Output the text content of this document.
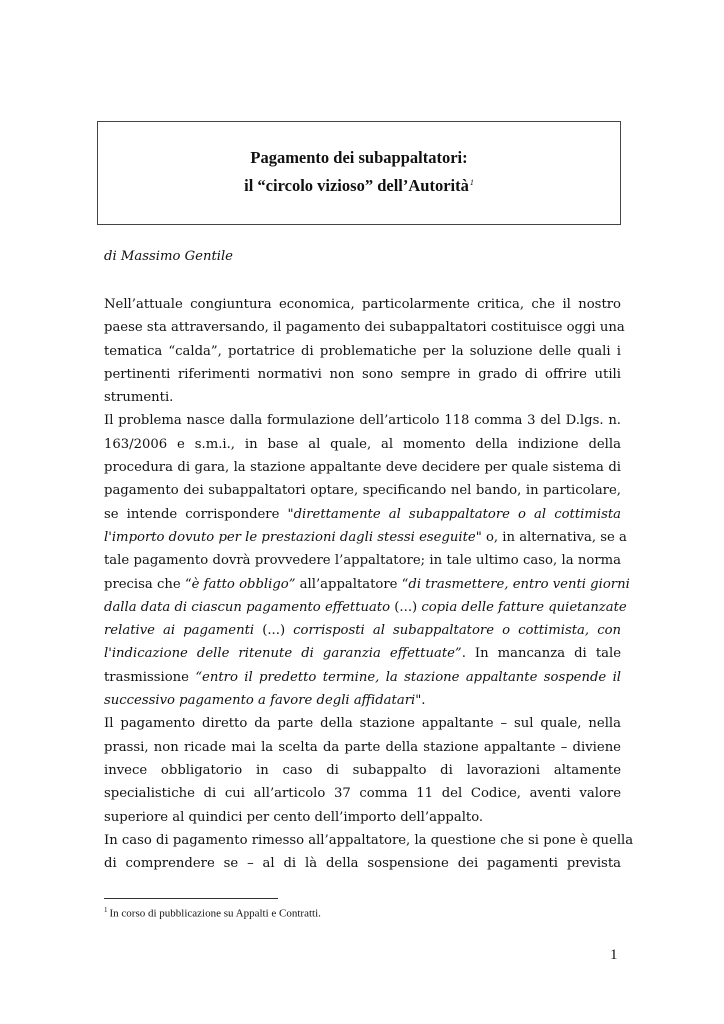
Pagamento dei subappaltatori:
il “circolo vizioso” dell’Autorità$^1$
di Massimo Gentile
Nell’attuale congiuntura economica, particolarmente critica, che il nostro
paese sta attraversando, il pagamento dei subappaltatori costituisce oggi una
tematica “calda”, portatrice di problematiche per la soluzione delle quali i
pertinenti riferimenti normativi non sono sempre in grado di offrire utili
strumenti.
Il problema nasce dalla formulazione dell’articolo 118 comma 3 del D.lgs. n.
163/2006 e s.m.i., in base al quale, al momento della indizione della
procedura di gara, la stazione appaltante deve decidere per quale sistema di
pagamento dei subappaltatori optare, specificando nel bando, in particolare,
se intende corrispondere "direttamente al subappaltatore o al cottimista
l'importo dovuto per le prestazioni dagli stessi eseguite" o, in alternativa, se a
tale pagamento dovrà provvedere l’appaltatore; in tale ultimo caso, la norma
precisa che “è fatto obbligo” all’appaltatore “di trasmettere, entro venti giorni
dalla data di ciascun pagamento effettuato (...) copia delle fatture quietanzate
relative ai pagamenti (...) corrisposti al subappaltatore o cottimista, con
l'indicazione delle ritenute di garanzia effettuate”. In mancanza di tale
trasmissione “entro il predetto termine, la stazione appaltante sospende il
successivo pagamento a favore degli affidatari".
Il pagamento diretto da parte della stazione appaltante – sul quale, nella
prassi, non ricade mai la scelta da parte della stazione appaltante – diviene
invece obbligatorio in caso di subappalto di lavorazioni altamente
specialistiche di cui all’articolo 37 comma 11 del Codice, aventi valore
superiore al quindici per cento dell’importo dell’appalto.
In caso di pagamento rimesso all’appaltatore, la questione che si pone è quella
di comprendere se – al di là della sospensione dei pagamenti prevista
$^1$ In corso di pubblicazione su Appalti e Contratti.
1
